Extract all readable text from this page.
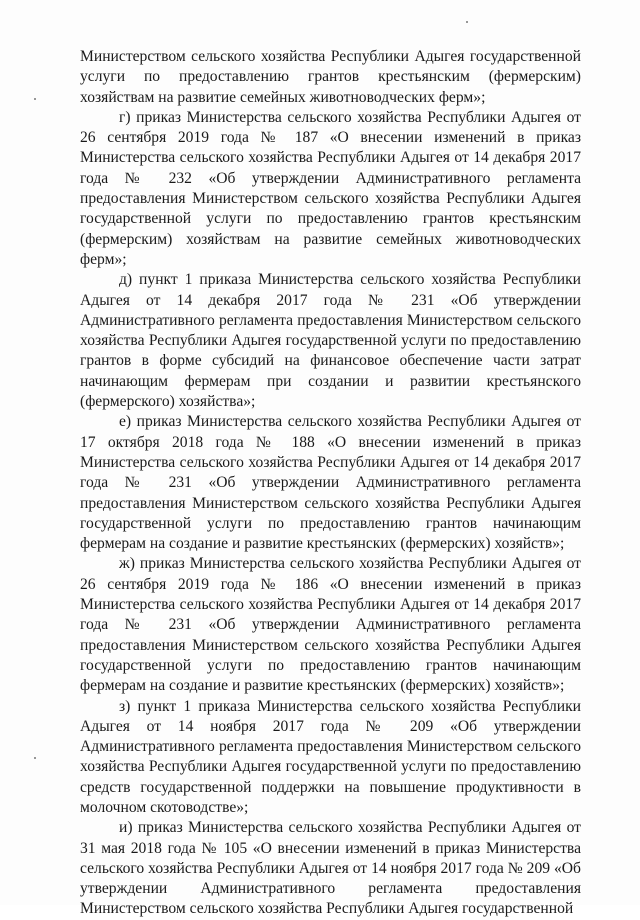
Министерством сельского хозяйства Республики Адыгея государственной услуги по предоставлению грантов крестьянским (фермерским) хозяйствам на развитие семейных животноводческих ферм»;

г) приказ Министерства сельского хозяйства Республики Адыгея от 26 сентября 2019 года № 187 «О внесении изменений в приказ Министерства сельского хозяйства Республики Адыгея от 14 декабря 2017 года № 232 «Об утверждении Административного регламента предоставления Министерством сельского хозяйства Республики Адыгея государственной услуги по предоставлению грантов крестьянским (фермерским) хозяйствам на развитие семейных животноводческих ферм»;

д) пункт 1 приказа Министерства сельского хозяйства Республики Адыгея от 14 декабря 2017 года № 231 «Об утверждении Административного регламента предоставления Министерством сельского хозяйства Республики Адыгея государственной услуги по предоставлению грантов в форме субсидий на финансовое обеспечение части затрат начинающим фермерам при создании и развитии крестьянского (фермерского) хозяйства»;

е) приказ Министерства сельского хозяйства Республики Адыгея от 17 октября 2018 года № 188 «О внесении изменений в приказ Министерства сельского хозяйства Республики Адыгея от 14 декабря 2017 года № 231 «Об утверждении Административного регламента предоставления Министерством сельского хозяйства Республики Адыгея государственной услуги по предоставлению грантов начинающим фермерам на создание и развитие крестьянских (фермерских) хозяйств»;

ж) приказ Министерства сельского хозяйства Республики Адыгея от 26 сентября 2019 года № 186 «О внесении изменений в приказ Министерства сельского хозяйства Республики Адыгея от 14 декабря 2017 года № 231 «Об утверждении Административного регламента предоставления Министерством сельского хозяйства Республики Адыгея государственной услуги по предоставлению грантов начинающим фермерам на создание и развитие крестьянских (фермерских) хозяйств»;

з) пункт 1 приказа Министерства сельского хозяйства Республики Адыгея от 14 ноября 2017 года № 209 «Об утверждении Административного регламента предоставления Министерством сельского хозяйства Республики Адыгея государственной услуги по предоставлению средств государственной поддержки на повышение продуктивности в молочном скотоводстве»;

и) приказ Министерства сельского хозяйства Республики Адыгея от 31 мая 2018 года № 105 «О внесении изменений в приказ Министерства сельского хозяйства Республики Адыгея от 14 ноября 2017 года № 209 «Об утверждении Административного регламента предоставления Министерством сельского хозяйства Республики Адыгея государственной
